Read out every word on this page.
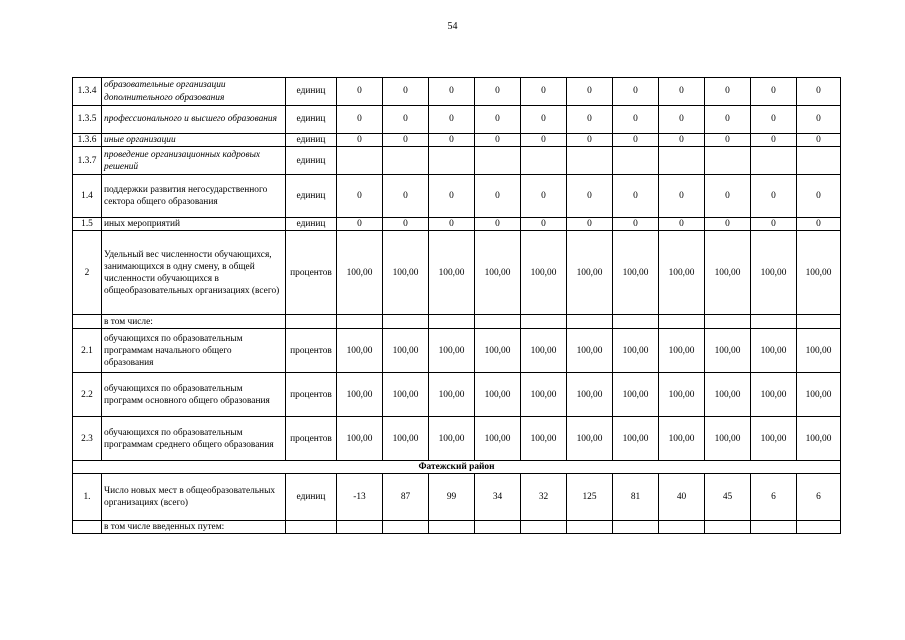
54
1.3.4	образовательные организации дополнительного образования	единиц	0	0	0	0	0	0	0	0	0	0	0
1.3.5	профессионального и высшего образования	единиц	0	0	0	0	0	0	0	0	0	0	0
1.3.6	иные организации	единиц	0	0	0	0	0	0	0	0	0	0	0
1.3.7	проведение организационных кадровых решений	единиц											
1.4	поддержки развития негосударственного сектора общего образования	единиц	0	0	0	0	0	0	0	0	0	0	0
1.5	иных мероприятий	единиц	0	0	0	0	0	0	0	0	0	0	0
2	Удельный вес численности обучающихся, занимающихся в одну смену, в общей численности обучающихся в общеобразовательных организациях (всего)	процентов	100,00	100,00	100,00	100,00	100,00	100,00	100,00	100,00	100,00	100,00	100,00
	в том числе:												
2.1	обучающихся по образовательным программам начального общего образования	процентов	100,00	100,00	100,00	100,00	100,00	100,00	100,00	100,00	100,00	100,00	100,00
2.2	обучающихся по образовательным программ основного общего образования	процентов	100,00	100,00	100,00	100,00	100,00	100,00	100,00	100,00	100,00	100,00	100,00
2.3	обучающихся по образовательным программам среднего общего образования	процентов	100,00	100,00	100,00	100,00	100,00	100,00	100,00	100,00	100,00	100,00	100,00
Фатежский район													
1.	Число новых мест в общеобразовательных организациях (всего)	единиц	-13	87	99	34	32	125	81	40	45	6	6
	в том числе введенных путем:												
